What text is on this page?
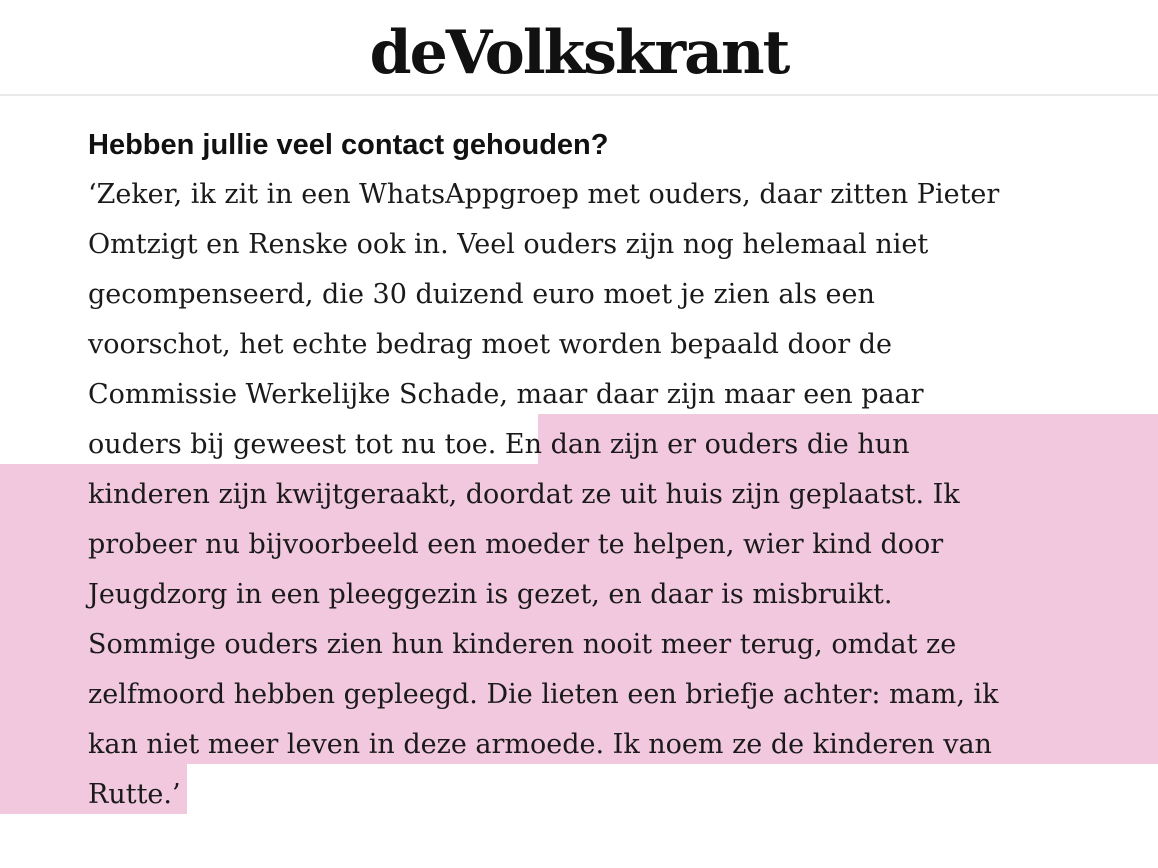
deVolkskrant
Hebben jullie veel contact gehouden?

‘Zeker, ik zit in een WhatsAppgroep met ouders, daar zitten Pieter

Omtzigt en Renske ook in. Veel ouders zijn nog helemaal niet

gecompenseerd, die 30 duizend euro moet je zien als een

voorschot, het echte bedrag moet worden bepaald door de

Commissie Werkelijke Schade, maar daar zijn maar een paar

ouders bij geweest tot nu toe. En dan zijn er ouders die hun

kinderen zijn kwijtgeraakt, doordat ze uit huis zijn geplaatst. Ik

probeer nu bijvoorbeeld een moeder te helpen, wier kind door

Jeugdzorg in een pleeggezin is gezet, en daar is misbruikt.

Sommige ouders zien hun kinderen nooit meer terug, omdat ze

zelfmoord hebben gepleegd. Die lieten een briefje achter: mam, ik

kan niet meer leven in deze armoede. Ik noem ze de kinderen van

Rutte.’
